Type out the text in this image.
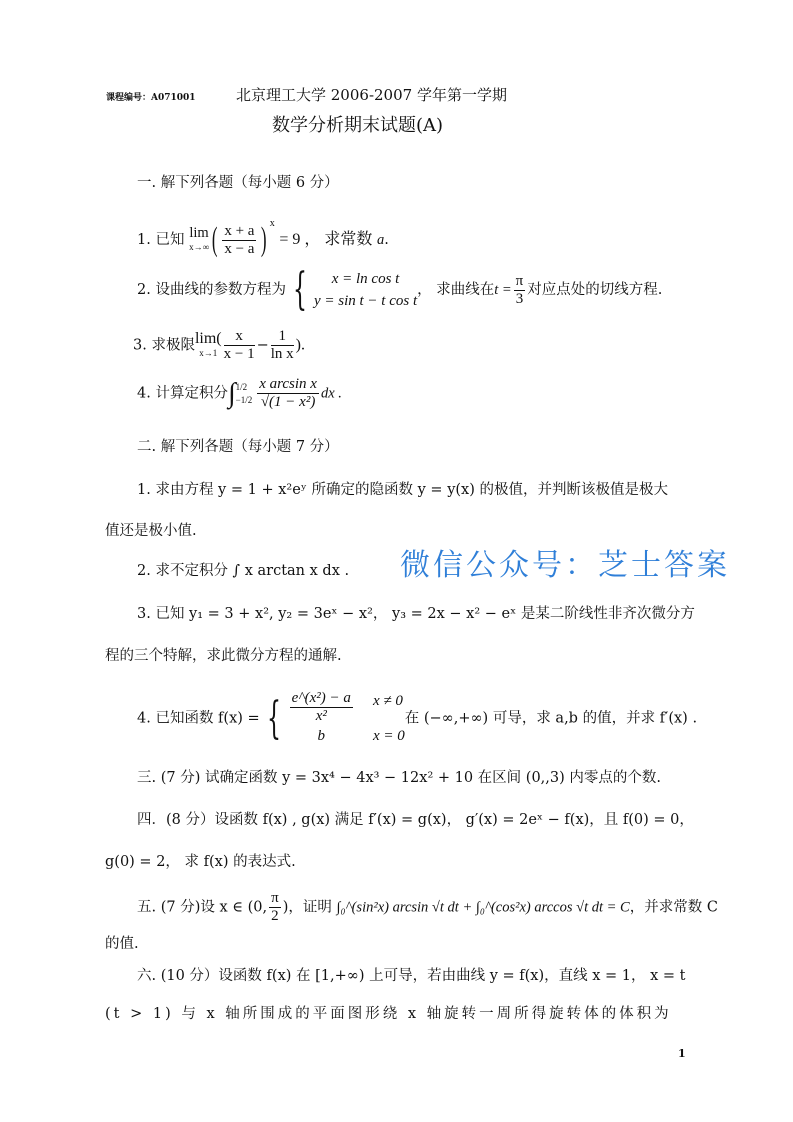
课程编号：A071001	北京理工大学 2006-2007 学年第一学期
数学分析期末试题(A)
一. 解下列各题（每小题 6 分）
1. 已知 lim
x→∞ ( $\frac{x + a}{x - a}$ ) $^x$ = 9 ， 求常数 a.
2. 设曲线的参数方程为 {	x = ln cos t
y = sin t − t cos t
， 求曲线在$t = \frac{\pi}{3}$ 对应点处的切线方程.
3. 求极限 lim(
$x\to 1 \frac{x}{x - 1} - \frac{1}{\text{ln x}}$ ).
4. 计算定积分 ∫ 1/2
$-1/2 \frac{\text{x arcsin x}}{\text{√(1 − x²)}}$ dx .
二. 解下列各题（每小题 7 分）
1. 求由方程 y = 1 + x²eʸ 所确定的隐函数 y = y(x) 的极值，并判断该极值是极大
值还是极小值.
2. 求不定积分 ∫ x arctan x dx .
3. 已知 y₁ = 3 + x², y₂ = 3eˣ − x²， y₃ = 2x − x² − eˣ 是某二阶线性非齐次微分方
程的三个特解，求此微分方程的通解.
4. 已知函数 f(x) = { $\frac{\text{e\textasciicircum{}(x²) − a}}{\text{x²}}$ x ≠ 0
b	x = 0
在 (−∞,+∞) 可导，求 a,b 的值，并求 f′(x) .
三. (7 分) 试确定函数 y = 3x⁴ − 4x³ − 12x² + 10 在区间 (0,,3) 内零点的个数.
四．(8 分）设函数 f(x) , g(x) 满足 f′(x) = g(x)， g′(x) = 2eˣ − f(x)，且 f(0) = 0，
g(0) = 2， 求 f(x) 的表达式.
五. (7 分)设 x ∈ (0, $\frac{\pi}{2}$ )，证明 ∫₀^(sin²x) arcsin √t dt + ∫₀^(cos²x) arccos √t dt = C，并求常数 C
的值.
六. (10 分）设函数 f(x) 在 [1,+∞) 上可导，若由曲线 y = f(x)，直线 x = 1， x = t
(t > 1) 与 x 轴所围成的平面图形绕 x 轴旋转一周所得旋转体的体积为
1
微信公众号：芝士答案
